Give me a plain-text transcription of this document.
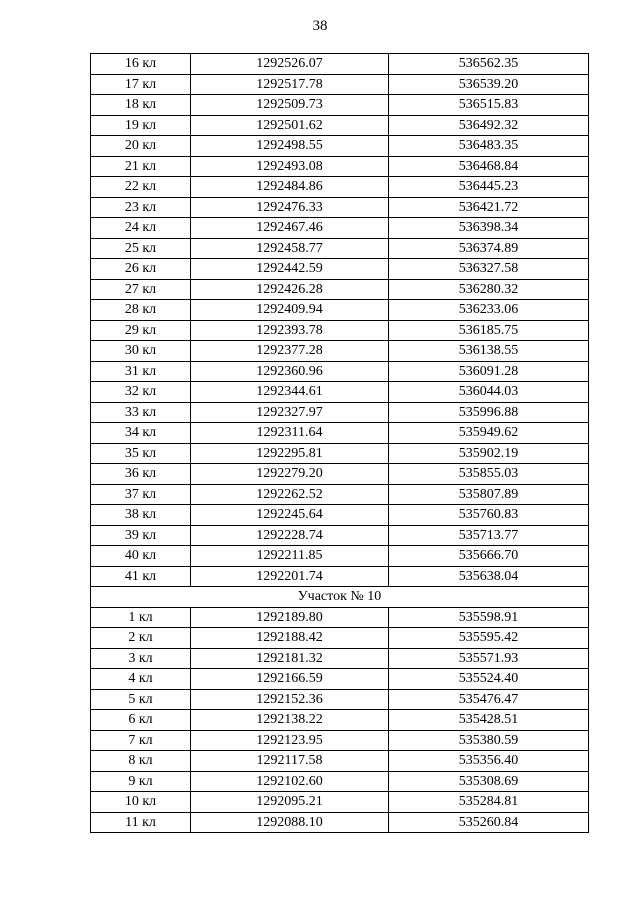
38
16 кл	1292526.07	536562.35
17 кл	1292517.78	536539.20
18 кл	1292509.73	536515.83
19 кл	1292501.62	536492.32
20 кл	1292498.55	536483.35
21 кл	1292493.08	536468.84
22 кл	1292484.86	536445.23
23 кл	1292476.33	536421.72
24 кл	1292467.46	536398.34
25 кл	1292458.77	536374.89
26 кл	1292442.59	536327.58
27 кл	1292426.28	536280.32
28 кл	1292409.94	536233.06
29 кл	1292393.78	536185.75
30 кл	1292377.28	536138.55
31 кл	1292360.96	536091.28
32 кл	1292344.61	536044.03
33 кл	1292327.97	535996.88
34 кл	1292311.64	535949.62
35 кл	1292295.81	535902.19
36 кл	1292279.20	535855.03
37 кл	1292262.52	535807.89
38 кл	1292245.64	535760.83
39 кл	1292228.74	535713.77
40 кл	1292211.85	535666.70
41 кл	1292201.74	535638.04
Участок № 10		
1 кл	1292189.80	535598.91
2 кл	1292188.42	535595.42
3 кл	1292181.32	535571.93
4 кл	1292166.59	535524.40
5 кл	1292152.36	535476.47
6 кл	1292138.22	535428.51
7 кл	1292123.95	535380.59
8 кл	1292117.58	535356.40
9 кл	1292102.60	535308.69
10 кл	1292095.21	535284.81
11 кл	1292088.10	535260.84
